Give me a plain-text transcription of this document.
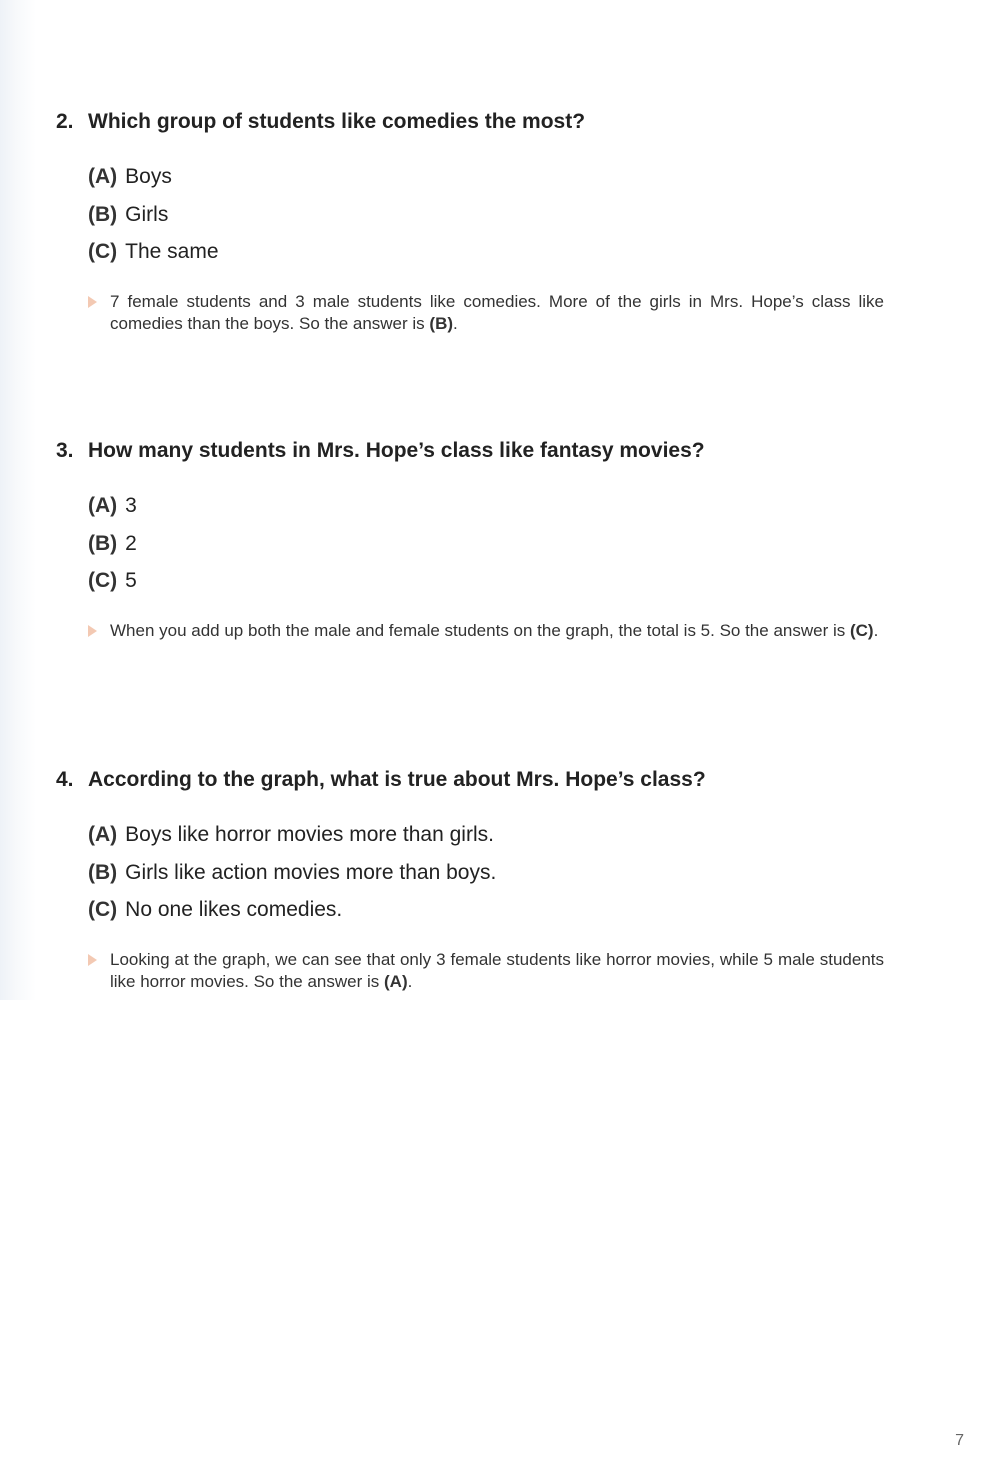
2. Which group of students like comedies the most?
(A) Boys
(B) Girls
(C) The same

7 female students and 3 male students like comedies. More of the girls in Mrs. Hope’s class like comedies than the boys. So the answer is (B).

3. How many students in Mrs. Hope’s class like fantasy movies?
(A) 3
(B) 2
(C) 5

When you add up both the male and female students on the graph, the total is 5. So the answer is (C).

4. According to the graph, what is true about Mrs. Hope’s class?
(A) Boys like horror movies more than girls.
(B) Girls like action movies more than boys.
(C) No one likes comedies.

Looking at the graph, we can see that only 3 female students like horror movies, while 5 male students like horror movies. So the answer is (A).

7
